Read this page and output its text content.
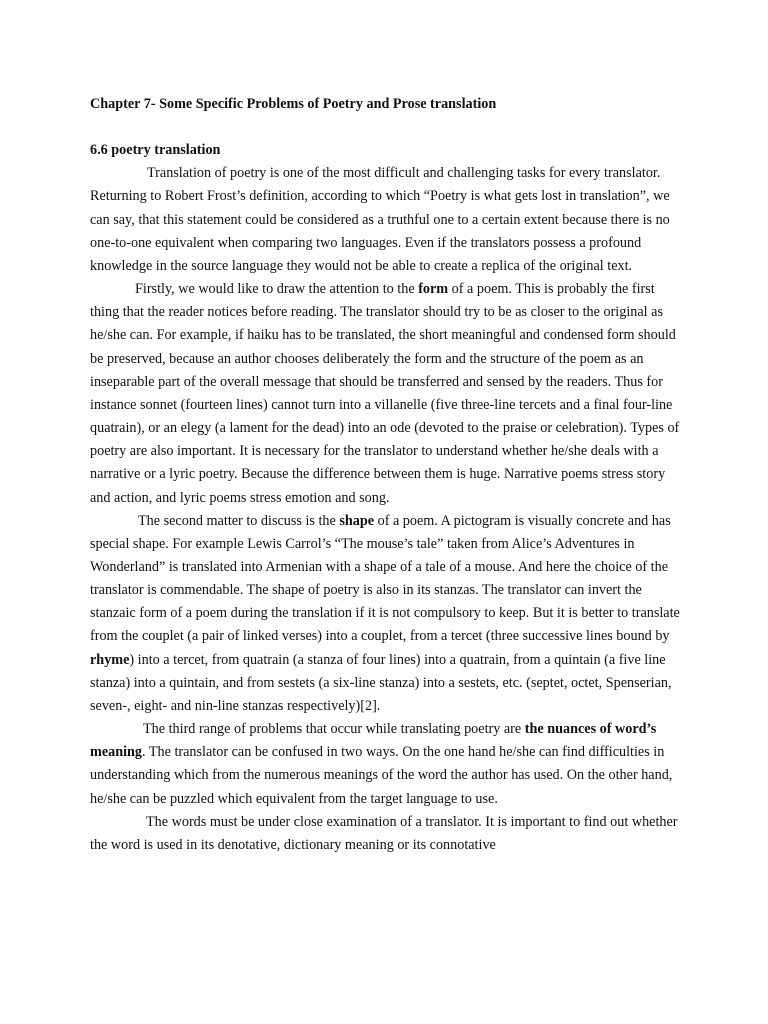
Chapter 7- Some Specific Problems of Poetry and Prose translation

6.6 poetry translation

Translation of poetry is one of the most difficult and challenging tasks for every translator. Returning to Robert Frost’s definition, according to which “Poetry is what gets lost in translation”, we can say, that this statement could be considered as a truthful one to a certain extent because there is no one-to-one equivalent when comparing two languages. Even if the translators possess a profound knowledge in the source language they would not be able to create a replica of the original text.

Firstly, we would like to draw the attention to the form of a poem. This is probably the first thing that the reader notices before reading. The translator should try to be as closer to the original as he/she can. For example, if haiku has to be translated, the short meaningful and condensed form should be preserved, because an author chooses deliberately the form and the structure of the poem as an inseparable part of the overall message that should be transferred and sensed by the readers. Thus for instance sonnet (fourteen lines) cannot turn into a villanelle (five three-line tercets and a final four-line quatrain), or an elegy (a lament for the dead) into an ode (devoted to the praise or celebration). Types of poetry are also important. It is necessary for the translator to understand whether he/she deals with a narrative or a lyric poetry. Because the difference between them is huge. Narrative poems stress story and action, and lyric poems stress emotion and song.

The second matter to discuss is the shape of a poem. A pictogram is visually concrete and has special shape. For example Lewis Carrol’s “The mouse’s tale” taken from Alice’s Adventures in Wonderland” is translated into Armenian with a shape of a tale of a mouse. And here the choice of the translator is commendable. The shape of poetry is also in its stanzas. The translator can invert the stanzaic form of a poem during the translation if it is not compulsory to keep. But it is better to translate from the couplet (a pair of linked verses) into a couplet, from a tercet (three successive lines bound by rhyme) into a tercet, from quatrain (a stanza of four lines) into a quatrain, from a quintain (a five line stanza) into a quintain, and from sestets (a six-line stanza) into a sestets, etc. (septet, octet, Spenserian, seven-, eight- and nin-line stanzas respectively)[2].

The third range of problems that occur while translating poetry are the nuances of word’s meaning. The translator can be confused in two ways. On the one hand he/she can find difficulties in understanding which from the numerous meanings of the word the author has used. On the other hand, he/she can be puzzled which equivalent from the target language to use.

The words must be under close examination of a translator. It is important to find out whether the word is used in its denotative, dictionary meaning or its connotative
